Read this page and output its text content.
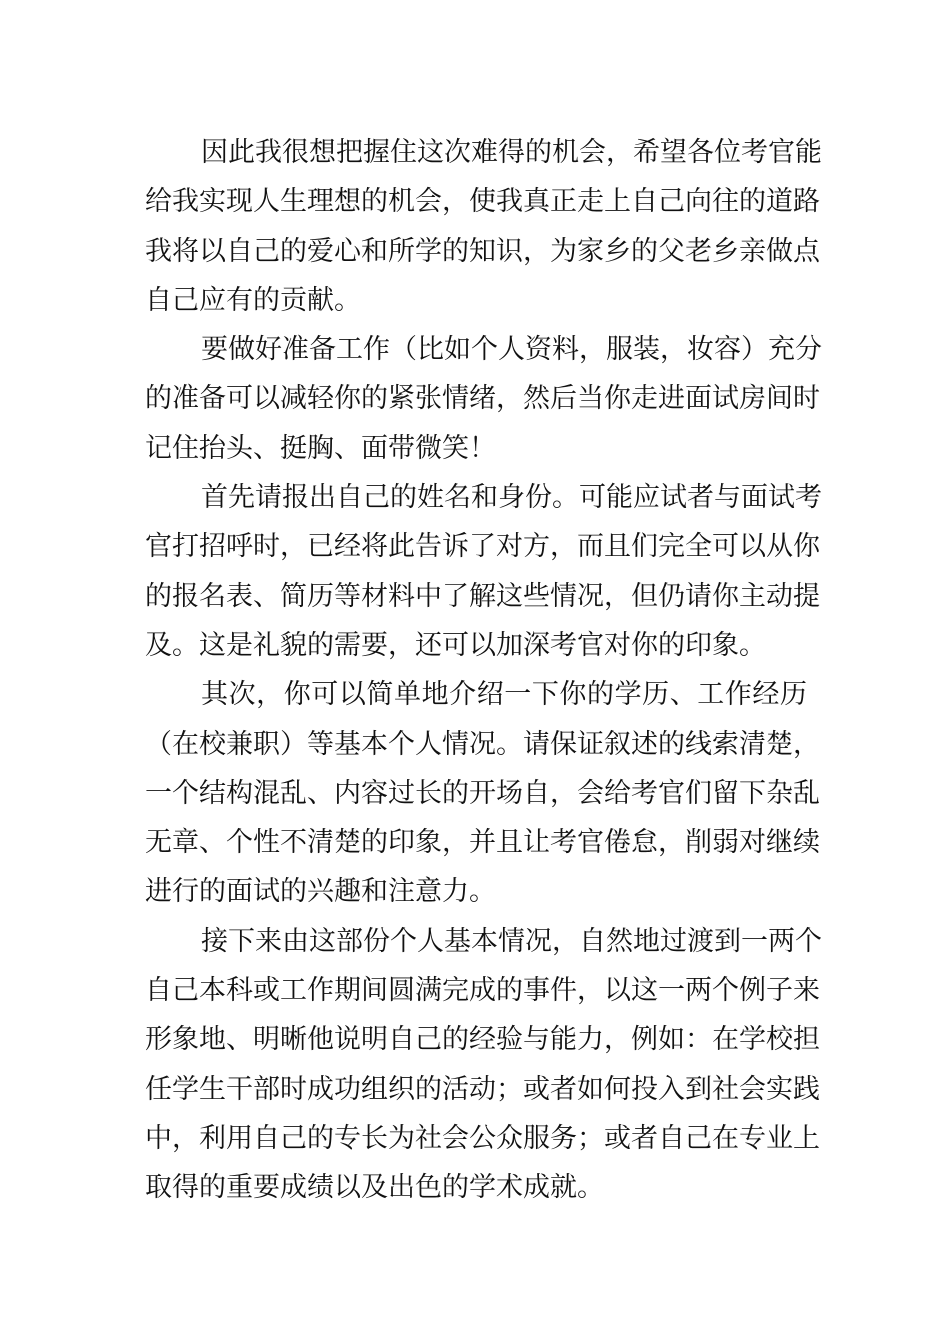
因此我很想把握住这次难得的机会，希望各位考官能
给我实现人生理想的机会，使我真正走上自己向往的道路
我将以自己的爱心和所学的知识，为家乡的父老乡亲做点
自己应有的贡献。
要做好准备工作（比如个人资料，服装，妆容）充分
的准备可以减轻你的紧张情绪，然后当你走进面试房间时
记住抬头、挺胸、面带微笑！
首先请报出自己的姓名和身份。可能应试者与面试考
官打招呼时，已经将此告诉了对方，而且们完全可以从你
的报名表、简历等材料中了解这些情况，但仍请你主动提
及。这是礼貌的需要，还可以加深考官对你的印象。
其次，你可以简单地介绍一下你的学历、工作经历
（在校兼职）等基本个人情况。请保证叙述的线索清楚，
一个结构混乱、内容过长的开场自，会给考官们留下杂乱
无章、个性不清楚的印象，并且让考官倦怠，削弱对继续
进行的面试的兴趣和注意力。
接下来由这部份个人基本情况，自然地过渡到一两个
自己本科或工作期间圆满完成的事件，以这一两个例子来
形象地、明晰他说明自己的经验与能力，例如：在学校担
任学生干部时成功组织的活动；或者如何投入到社会实践
中，利用自己的专长为社会公众服务；或者自己在专业上
取得的重要成绩以及出色的学术成就。
